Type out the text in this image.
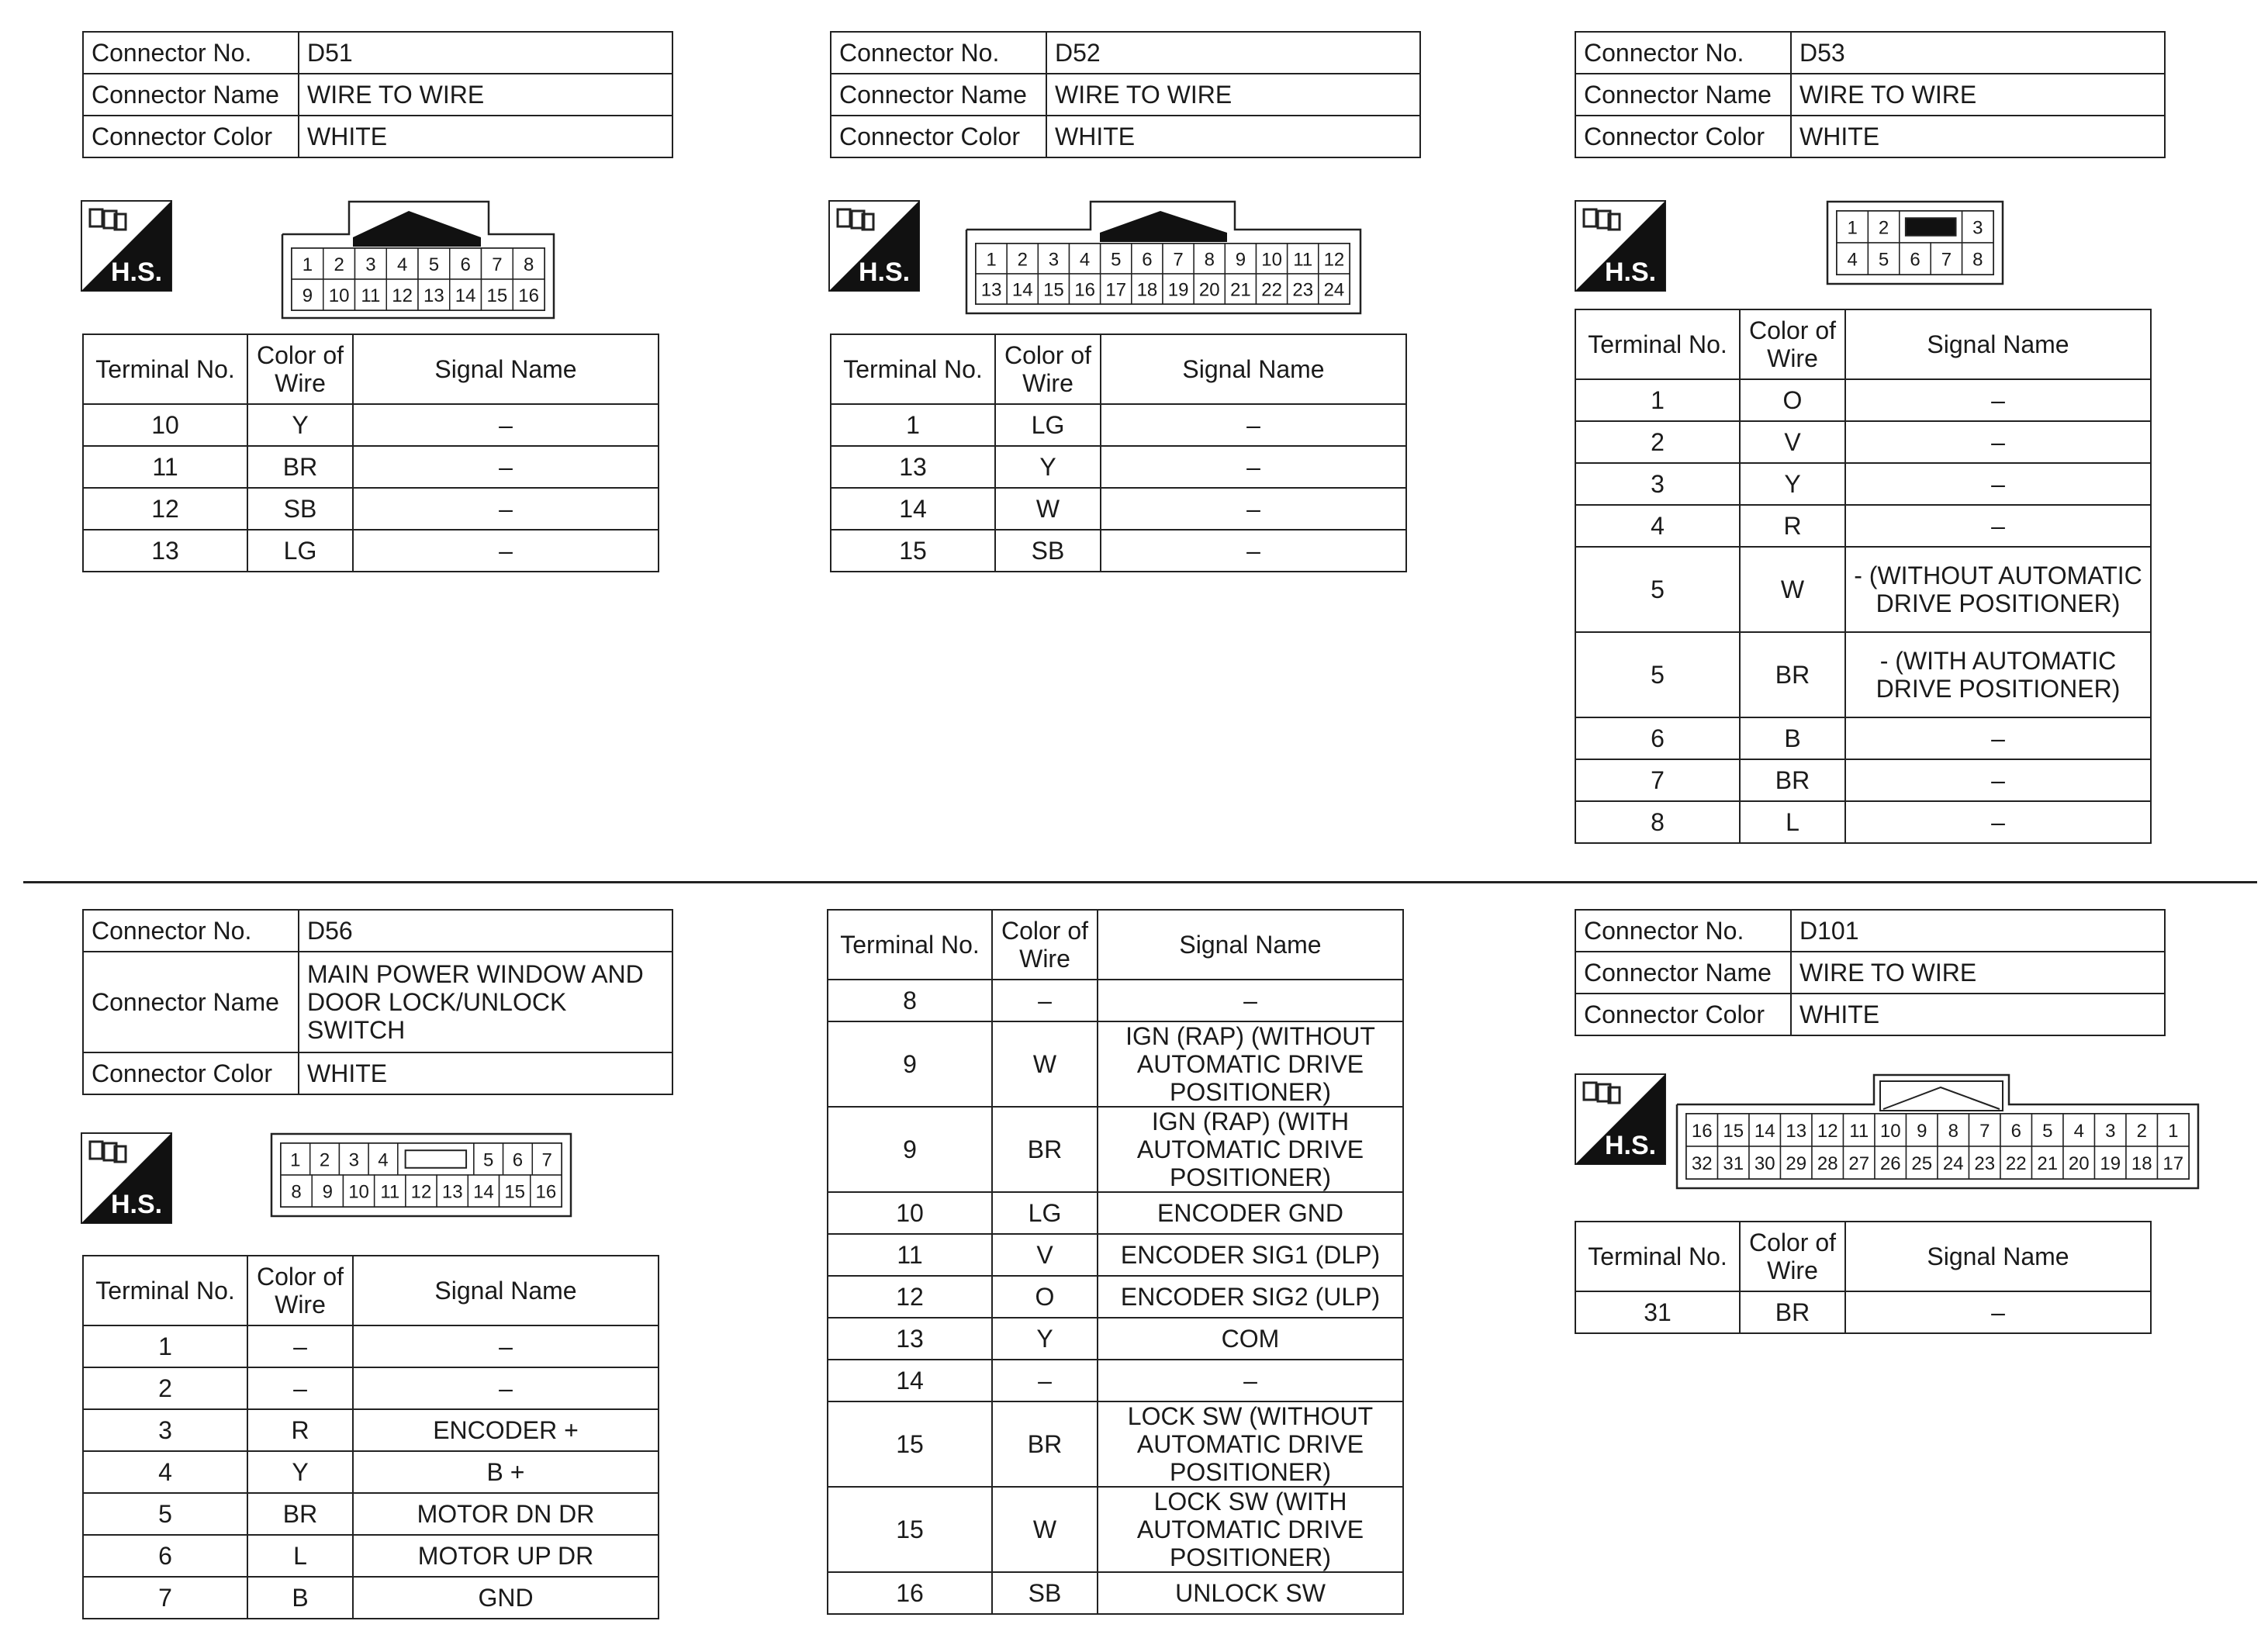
Connector No.	D51
Connector Name	WIRE TO WIRE
Connector Color	WHITE
H.S.	1 2 3 4 5 6 7 8
9 10 11 12 13 14 15 16
Terminal No.	Color of Wire	Signal Name
10	Y	–
11	BR	–
12	SB	–
13	LG	–
Connector No.	D52
Connector Name	WIRE TO WIRE
Connector Color	WHITE
H.S.	1 2 3 4 5 6 7 8 9 10 11 12
13 14 15 16 17 18 19 20 21 22 23 24
Terminal No.	Color of Wire	Signal Name
1	LG	–
13	Y	–
14	W	–
15	SB	–
Connector No.	D53
Connector Name	WIRE TO WIRE
Connector Color	WHITE
H.S.
1 2	3
4 5 6 7 8
Terminal No.	Color of Wire	Signal Name
1	O	–
2	V	–
3	Y	–
4	R	–
5	W	- (WITHOUT AUTOMATIC DRIVE POSITIONER)
5	BR	- (WITH AUTOMATIC DRIVE POSITIONER)
6	B	–
7	BR	–
8	L	–
Connector No.	D56
Connector Name	MAIN POWER WINDOW AND DOOR LOCK/UNLOCK SWITCH
Connector Color	WHITE
H.S.
1 2 3 4	5 6 7
8 9 10 11 12 13 14 15 16
Terminal No.	Color of Wire	Signal Name
1	–	–
2	–	–
3	R	ENCODER +
4	Y	B +
5	BR	MOTOR DN DR
6	L	MOTOR UP DR
7	B	GND
Terminal No.	Color of Wire	Signal Name
8	–	–
9	W	IGN (RAP) (WITHOUT AUTOMATIC DRIVE POSITIONER)
9	BR	IGN (RAP) (WITH AUTOMATIC DRIVE POSITIONER)
10	LG	ENCODER GND
11	V	ENCODER SIG1 (DLP)
12	O	ENCODER SIG2 (ULP)
13	Y	COM
14	–	–
15	BR	LOCK SW (WITHOUT AUTOMATIC DRIVE POSITIONER)
15	W	LOCK SW (WITH AUTOMATIC DRIVE POSITIONER)
16	SB	UNLOCK SW
Connector No.	D101
Connector Name	WIRE TO WIRE
Connector Color	WHITE
H.S. 16 15 14 13 12 11 10 9 8 7 6 5 4 3 2 1
32 31 30 29 28 27 26 25 24 23 22 21 20 19 18 17
Terminal No.	Color of Wire	Signal Name
31	BR	–
